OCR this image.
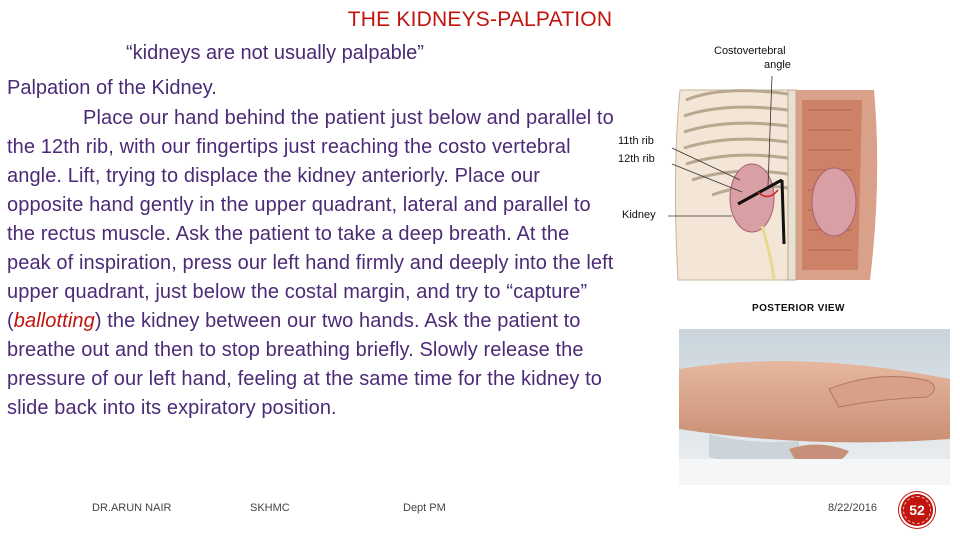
THE KIDNEYS-PALPATION
“kidneys are not usually palpable”
Palpation of the Kidney.
Place our hand behind the patient just below and parallel to the 12th rib, with our fingertips just reaching the costo vertebral angle. Lift, trying to displace the kidney anteriorly. Place our opposite hand gently in the upper quadrant, lateral and parallel to the rectus muscle. Ask the patient to take a deep breath. At the peak of inspiration, press our left hand firmly and deeply into the left upper quadrant, just below the costal margin, and try to “capture” (ballotting) the kidney between our two hands. Ask the patient to breathe out and then to stop breathing briefly. Slowly release the pressure of our left hand, feeling at the same time for the kidney to slide back into its expiratory position.
Costovertebral
angle
11th rib
12th rib
Kidney
POSTERIOR VIEW
DR.ARUN NAIR	SKHMC	Dept PM	8/22/2016 52
